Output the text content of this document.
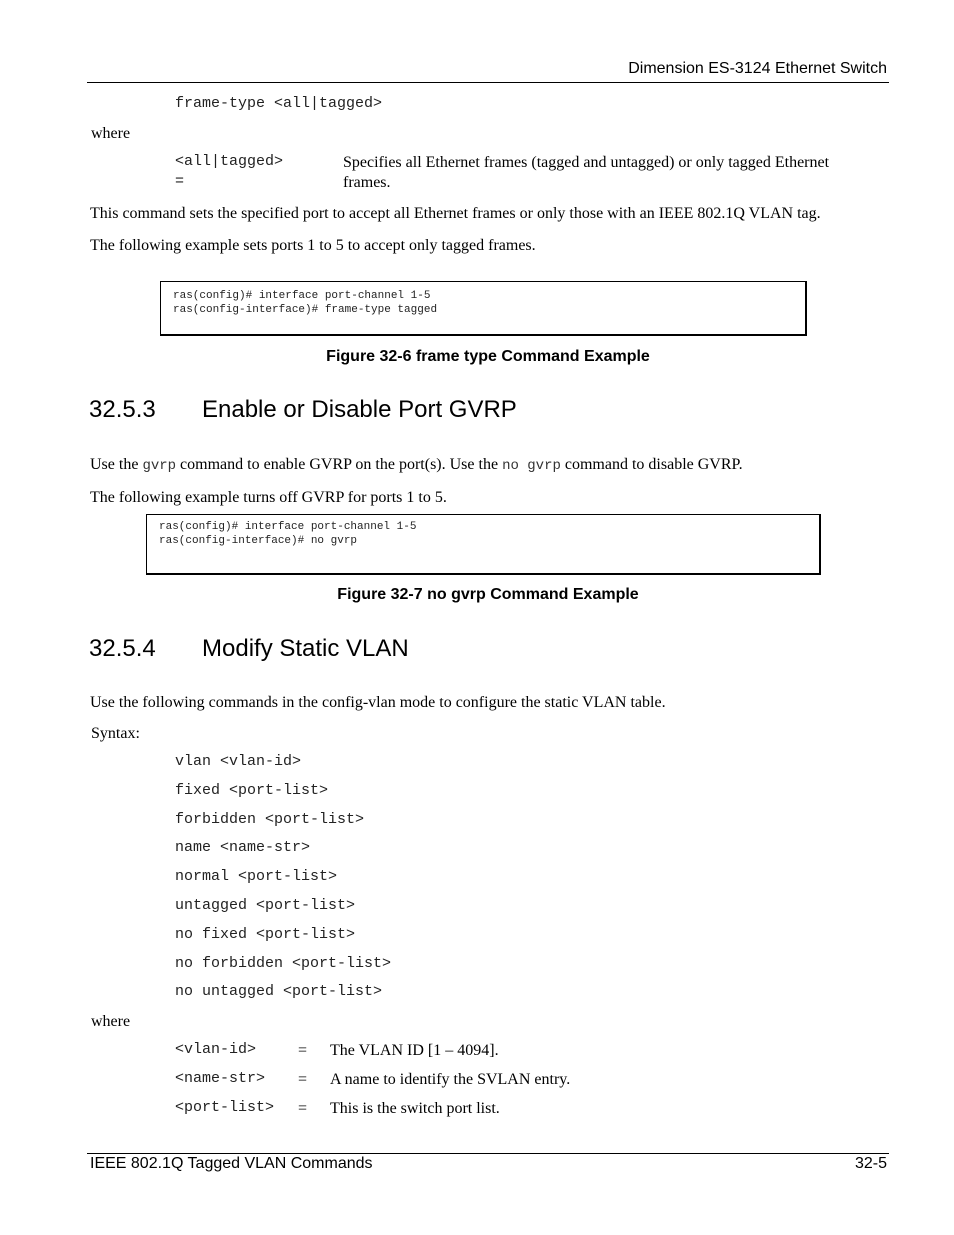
Dimension ES-3124 Ethernet Switch
frame-type <all|tagged>
where
<all|tagged>
=
Specifies all Ethernet frames (tagged and untagged) or only tagged Ethernet
frames.
This command sets the specified port to accept all Ethernet frames or only those with an IEEE 802.1Q VLAN tag.
The following example sets ports 1 to 5 to accept only tagged frames.
ras(config)# interface port-channel 1-5
ras(config-interface)# frame-type tagged
Figure 32-6 frame type Command Example
32.5.3 Enable or Disable Port GVRP
Use the gvrp command to enable GVRP on the port(s). Use the no gvrp command to disable GVRP.
The following example turns off GVRP for ports 1 to 5.
ras(config)# interface port-channel 1-5
ras(config-interface)# no gvrp
Figure 32-7 no gvrp Command Example
32.5.4 Modify Static VLAN
Use the following commands in the config-vlan mode to configure the static VLAN table.
Syntax:
vlan <vlan-id>
fixed <port-list>
forbidden <port-list>
name <name-str>
normal <port-list>
untagged <port-list>
no fixed <port-list>
no forbidden <port-list>
no untagged <port-list>
where
<vlan-id>	= The VLAN ID [1 – 4094].
<name-str> = A name to identify the SVLAN entry.
<port-list> = This is the switch port list.
IEEE 802.1Q Tagged VLAN Commands	32-5
